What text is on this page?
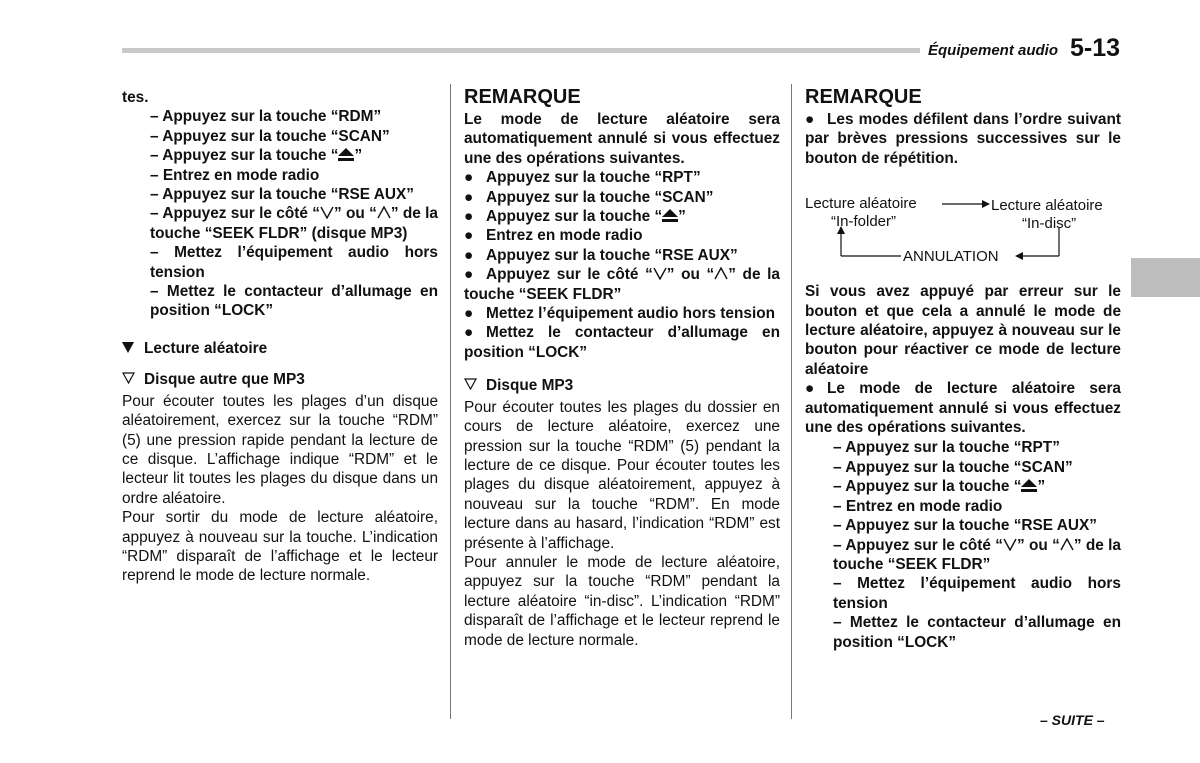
Équipement audio 5-13

tes.

– Appuyez sur la touche “RDM”

– Appuyez sur la touche “SCAN”

– Appuyez sur la touche “ ”

– Entrez en mode radio

– Appuyez sur la touche “RSE AUX”

– Appuyez sur le côté “ ” ou “ ” de la touche “SEEK FLDR” (disque MP3)

– Mettez l’équipement audio hors tension

– Mettez le contacteur d’allumage en position “LOCK”

Lecture aléatoire

Disque autre que MP3

Pour écouter toutes les plages d’un disque aléatoirement, exercez sur la touche “RDM” (5) une pression rapide pendant la lecture de ce disque. L’affichage indique “RDM” et le lecteur lit toutes les plages du disque dans un ordre aléatoire.

Pour sortir du mode de lecture aléatoire, appuyez à nouveau sur la touche. L’indication “RDM” disparaît de l’affichage et le lecteur reprend le mode de lecture normale.

REMARQUE

Le mode de lecture aléatoire sera automatiquement annulé si vous effectuez une des opérations suivantes.

● Appuyez sur la touche “RPT”

● Appuyez sur la touche “SCAN”

● Appuyez sur la touche “ ”

● Entrez en mode radio

● Appuyez sur la touche “RSE AUX”

● Appuyez sur le côté “ ” ou “ ” de la touche “SEEK FLDR”

● Mettez l’équipement audio hors tension

● Mettez le contacteur d’allumage en position “LOCK”

Disque MP3

Pour écouter toutes les plages du dossier en cours de lecture aléatoire, exercez une pression sur la touche “RDM” (5) pendant la lecture de ce disque. Pour écouter toutes les plages du disque aléatoirement, appuyez à nouveau sur la touche “RDM”. En mode lecture dans au hasard, l’indication “RDM” est présente à l’affichage.

Pour annuler le mode de lecture aléatoire, appuyez sur la touche “RDM” pendant la lecture aléatoire “in-disc”. L’indication “RDM” disparaît de l’affichage et le lecteur reprend le mode de lecture normale.

REMARQUE

● Les modes défilent dans l’ordre suivant par brèves pressions successives sur le bouton de répétition.

Lecture aléatoire
“In-folder”
Lecture aléatoire
“In-disc”
ANNULATION

Si vous avez appuyé par erreur sur le bouton et que cela a annulé le mode de lecture aléatoire, appuyez à nouveau sur le bouton pour réactiver ce mode de lecture aléatoire

● Le mode de lecture aléatoire sera automatiquement annulé si vous effectuez une des opérations suivantes.

– Appuyez sur la touche “RPT”

– Appuyez sur la touche “SCAN”

– Appuyez sur la touche “ ”

– Entrez en mode radio

– Appuyez sur la touche “RSE AUX”

– Appuyez sur le côté “ ” ou “ ” de la touche “SEEK FLDR”

– Mettez l’équipement audio hors tension

– Mettez le contacteur d’allumage en position “LOCK”

– SUITE –
